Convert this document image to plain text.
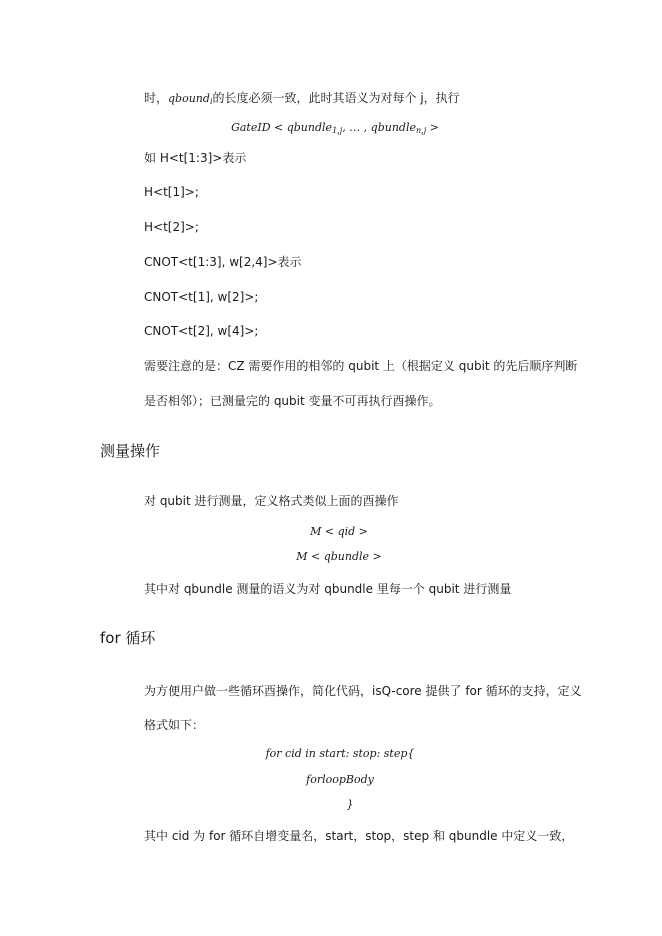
时，qbound$_i$的长度必须一致，此时其语义为对每个 j，执行
GateID < qbundle$_{1,j}$, … , qbundle$_{n,j}$ >
如 H<t[1:3]>表示
H<t[1]>;
H<t[2]>;
CNOT<t[1:3], w[2,4]>表示
CNOT<t[1], w[2]>;
CNOT<t[2], w[4]>;
需要注意的是：CZ 需要作用的相邻的 qubit 上（根据定义 qubit 的先后顺序判断
是否相邻）；已测量完的 qubit 变量不可再执行酉操作。
测量操作
对 qubit 进行测量，定义格式类似上面的酉操作
M < qid >
M < qbundle >
其中对 qbundle 测量的语义为对 qbundle 里每一个 qubit 进行测量
for 循环
为方便用户做一些循环酉操作，简化代码，isQ-core 提供了 for 循环的支持，定义
格式如下：
for cid in start: stop: step{
forloopBody
}
其中 cid 为 for 循环自增变量名，start，stop，step 和 qbundle 中定义一致，
